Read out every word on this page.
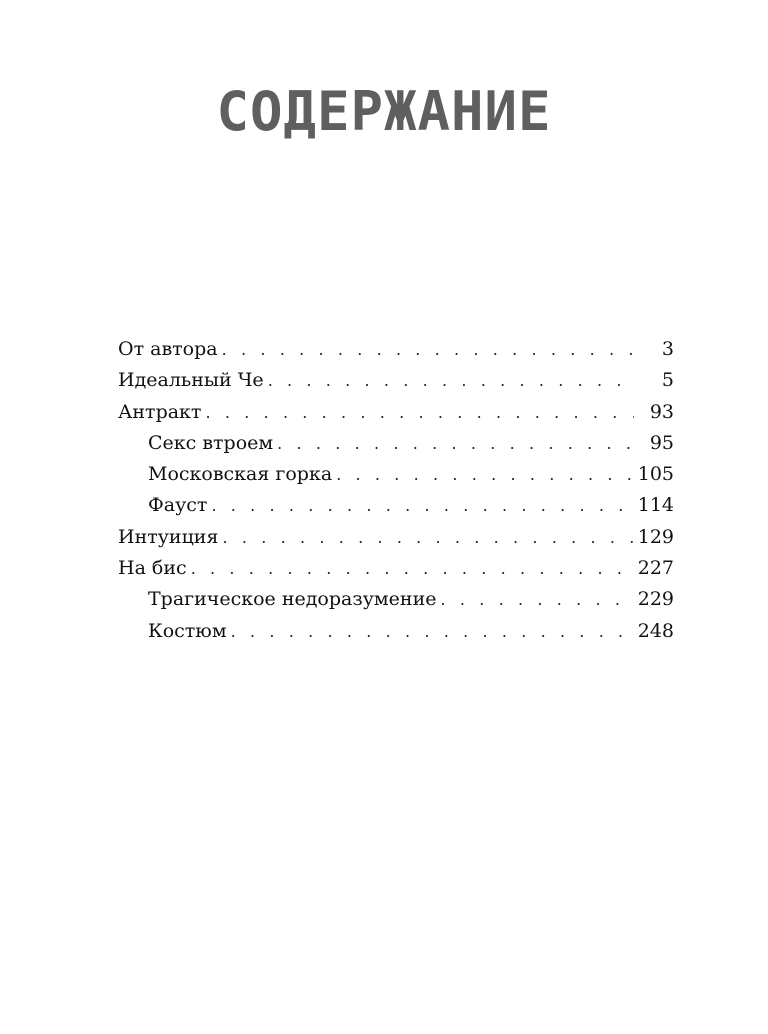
СОДЕРЖАНИЕ
От автора . . .	3
Идеальный Че . . .	5
Антракт . . .	93
Секс втроем . . .	95
Московская горка . . .	105
Фауст . . .	114
Интуиция . . .	129
На бис . . .	227
Трагическое недоразумение . . .	229
Костюм . . .	248
